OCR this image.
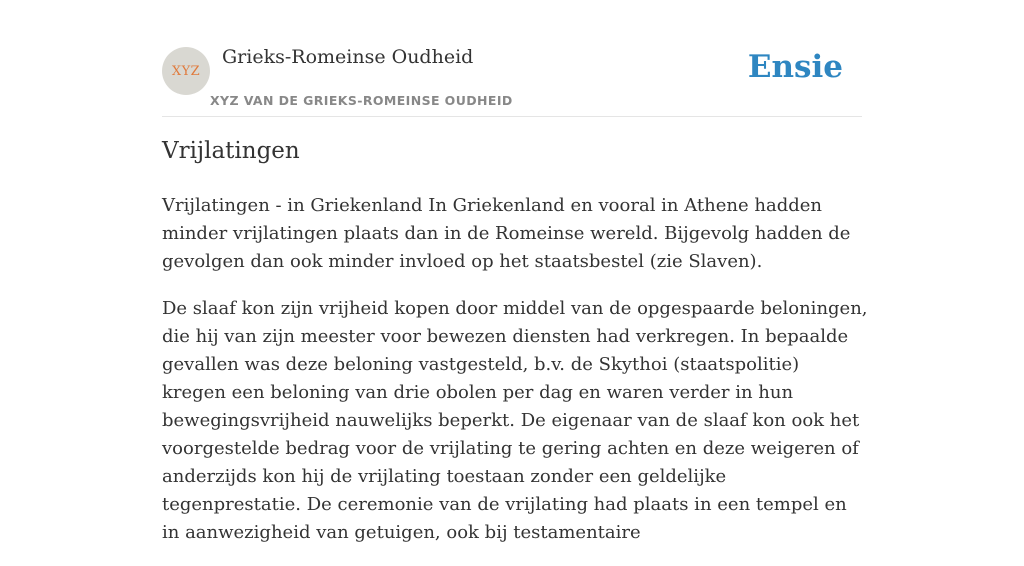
XYZ
Grieks-Romeinse Oudheid
XYZ VAN DE GRIEKS-ROMEINSE OUDHEID
Ensie
Vrijlatingen

Vrijlatingen - in Griekenland In Griekenland en vooral in Athene hadden minder vrijlatingen plaats dan in de Romeinse wereld. Bijgevolg hadden de gevolgen dan ook minder invloed op het staatsbestel (zie Slaven).

De slaaf kon zijn vrijheid kopen door middel van de opgespaarde beloningen, die hij van zijn meester voor bewezen diensten had verkregen. In bepaalde gevallen was deze beloning vastgesteld, b.v. de Skythoi (staatspolitie) kregen een beloning van drie obolen per dag en waren verder in hun bewegingsvrijheid nauwelijks beperkt. De eigenaar van de slaaf kon ook het voorgestelde bedrag voor de vrijlating te gering achten en deze weigeren of anderzijds kon hij de vrijlating toestaan zonder een geldelijke tegenprestatie. De ceremonie van de vrijlating had plaats in een tempel en in aanwezigheid van getuigen, ook bij testamentaire
